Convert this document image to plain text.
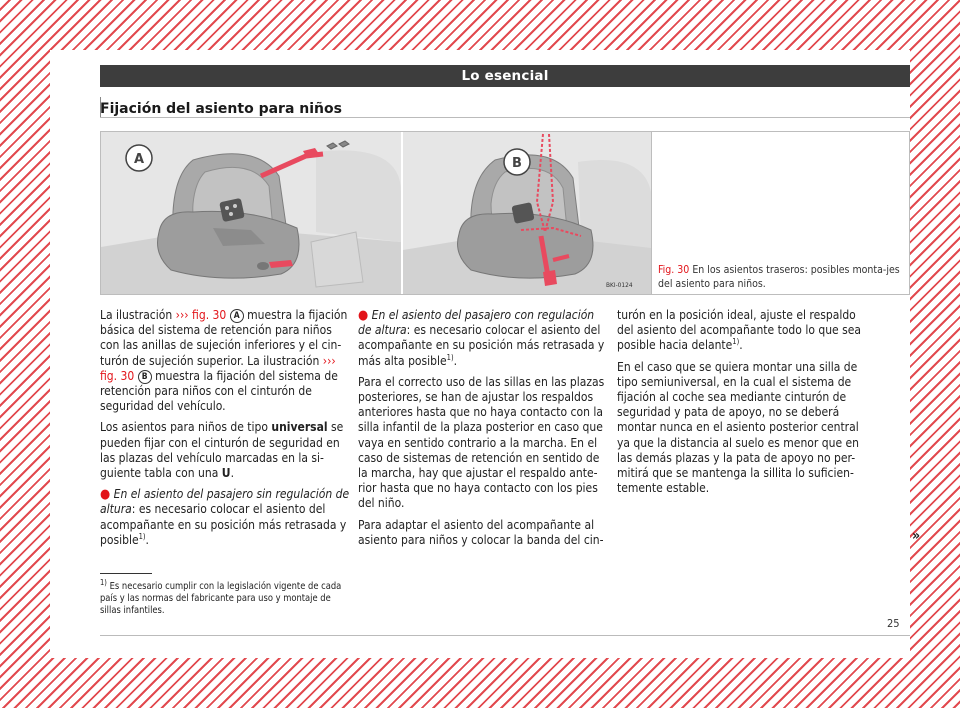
Lo esencial
Fijación del asiento para niños
A	B
BKI-0124
Fig. 30 En los asientos traseros: posibles monta-jes del asiento para niños.

La ilustración ››› fig. 30 A muestra la fijación básica del sistema de retención para niños con las anillas de sujeción inferiores y el cin-turón de sujeción superior. La ilustración ››› fig. 30 B muestra la fijación del sistema de retención para niños con el cinturón de seguridad del vehículo.

Los asientos para niños de tipo universal se pueden fijar con el cinturón de seguridad en las plazas del vehículo marcadas en la si-guiente tabla con una U.

● En el asiento del pasajero sin regulación de altura: es necesario colocar el asiento del acompañante en su posición más retrasada y posible$^{1)}$.

● En el asiento del pasajero con regulación de altura: es necesario colocar el asiento del acompañante en su posición más retrasada y más alta posible$^{1)}$.

Para el correcto uso de las sillas en las plazas posteriores, se han de ajustar los respaldos anteriores hasta que no haya contacto con la silla infantil de la plaza posterior en caso que vaya en sentido contrario a la marcha. En el caso de sistemas de retención en sentido de la marcha, hay que ajustar el respaldo ante-rior hasta que no haya contacto con los pies del niño.

Para adaptar el asiento del acompañante al asiento para niños y colocar la banda del cin-

turón en la posición ideal, ajuste el respaldo del asiento del acompañante todo lo que sea posible hacia delante$^{1)}$.

En el caso que se quiera montar una silla de tipo semiuniversal, en la cual el sistema de fijación al coche sea mediante cinturón de seguridad y pata de apoyo, no se deberá montar nunca en el asiento posterior central ya que la distancia al suelo es menor que en las demás plazas y la pata de apoyo no per-mitirá que se mantenga la sillita lo suficien-temente estable.

»
$^{1)}$ Es necesario cumplir con la legislación vigente de cada país y las normas del fabricante para uso y montaje de sillas infantiles.
25
